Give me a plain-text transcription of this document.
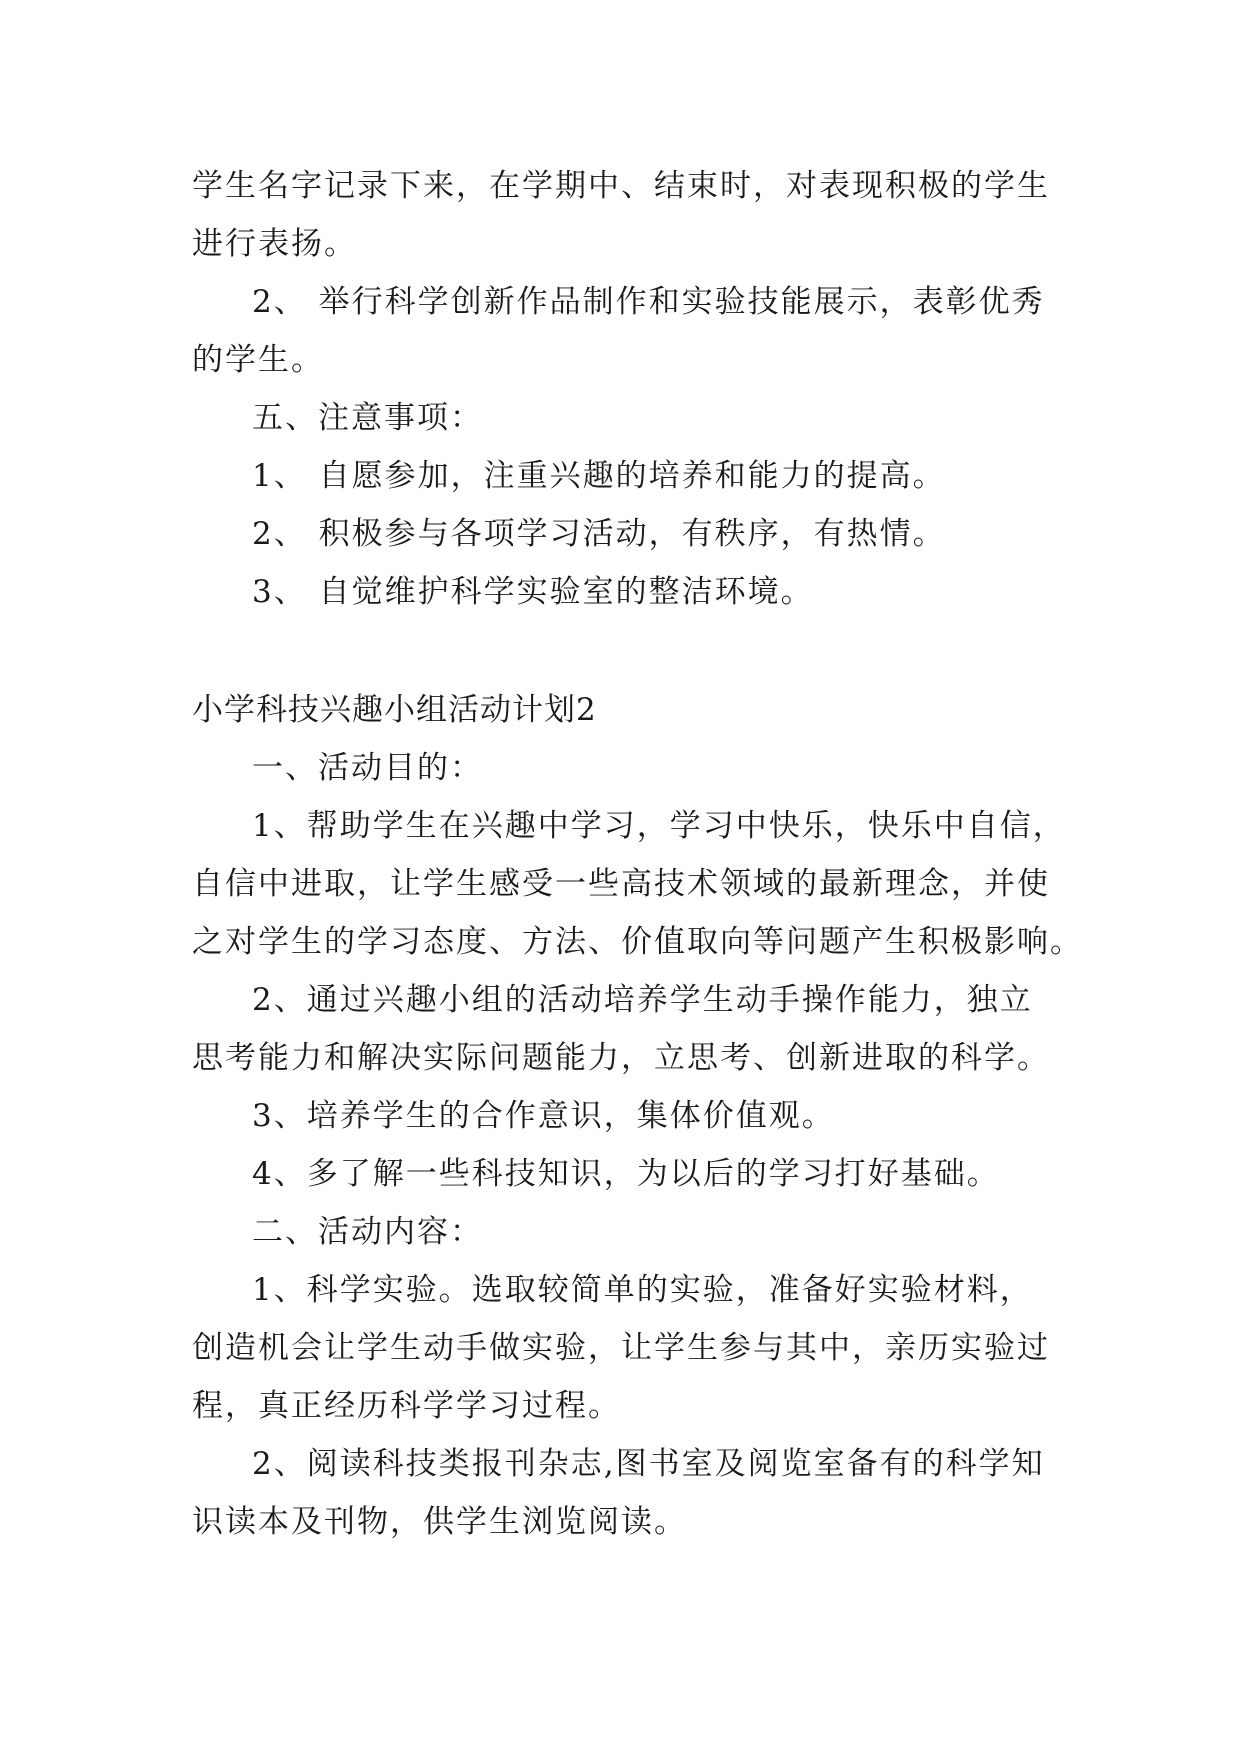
学生名字记录下来，在学期中、结束时，对表现积极的学生
进行表扬。
2、 举行科学创新作品制作和实验技能展示，表彰优秀
的学生。
五、注意事项：
1、 自愿参加，注重兴趣的培养和能力的提高。
2、 积极参与各项学习活动，有秩序，有热情。
3、 自觉维护科学实验室的整洁环境。
小学科技兴趣小组活动计划2
一、活动目的：
1、帮助学生在兴趣中学习，学习中快乐，快乐中自信，
自信中进取，让学生感受一些高技术领域的最新理念，并使
之对学生的学习态度、方法、价值取向等问题产生积极影响。
2、通过兴趣小组的活动培养学生动手操作能力，独立
思考能力和解决实际问题能力，立思考、创新进取的科学。
3、培养学生的合作意识，集体价值观。
4、多了解一些科技知识，为以后的学习打好基础。
二、活动内容：
1、科学实验。选取较简单的实验，准备好实验材料，
创造机会让学生动手做实验，让学生参与其中，亲历实验过
程，真正经历科学学习过程。
2、阅读科技类报刊杂志,图书室及阅览室备有的科学知
识读本及刊物，供学生浏览阅读。
